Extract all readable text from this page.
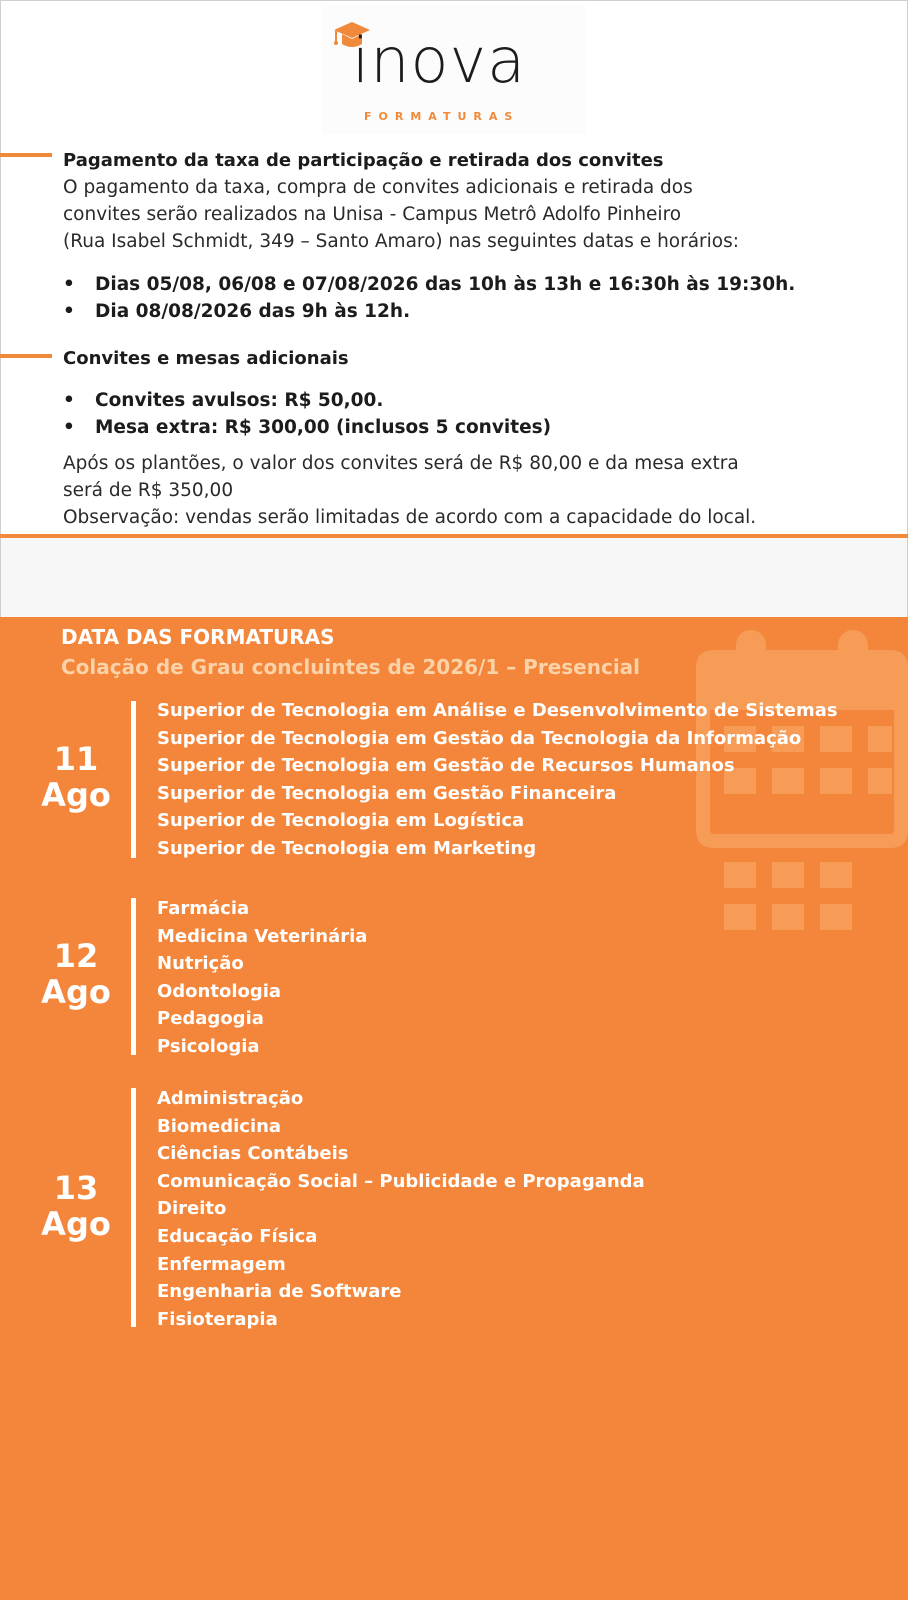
inova
FORMATURAS
Pagamento da taxa de participação e retirada dos convites
O pagamento da taxa, compra de convites adicionais e retirada dos
convites serão realizados na Unisa - Campus Metrô Adolfo Pinheiro
(Rua Isabel Schmidt, 349 – Santo Amaro) nas seguintes datas e horários:
• Dias 05/08, 06/08 e 07/08/2026 das 10h às 13h e 16:30h às 19:30h.
• Dia 08/08/2026 das 9h às 12h.
Convites e mesas adicionais
• Convites avulsos: R$ 50,00.
• Mesa extra: R$ 300,00 (inclusos 5 convites)
Após os plantões, o valor dos convites será de R$ 80,00 e da mesa extra
será de R$ 350,00
Observação: vendas serão limitadas de acordo com a capacidade do local.
DATA DAS FORMATURAS
Colação de Grau concluintes de 2026/1 – Presencial
11
Ago
Superior de Tecnologia em Análise e Desenvolvimento de Sistemas
Superior de Tecnologia em Gestão da Tecnologia da Informação
Superior de Tecnologia em Gestão de Recursos Humanos
Superior de Tecnologia em Gestão Financeira
Superior de Tecnologia em Logística
Superior de Tecnologia em Marketing
12
Ago
Farmácia
Medicina Veterinária
Nutrição
Odontologia
Pedagogia
Psicologia
13
Ago
Administração
Biomedicina
Ciências Contábeis
Comunicação Social – Publicidade e Propaganda
Direito
Educação Física
Enfermagem
Engenharia de Software
Fisioterapia
